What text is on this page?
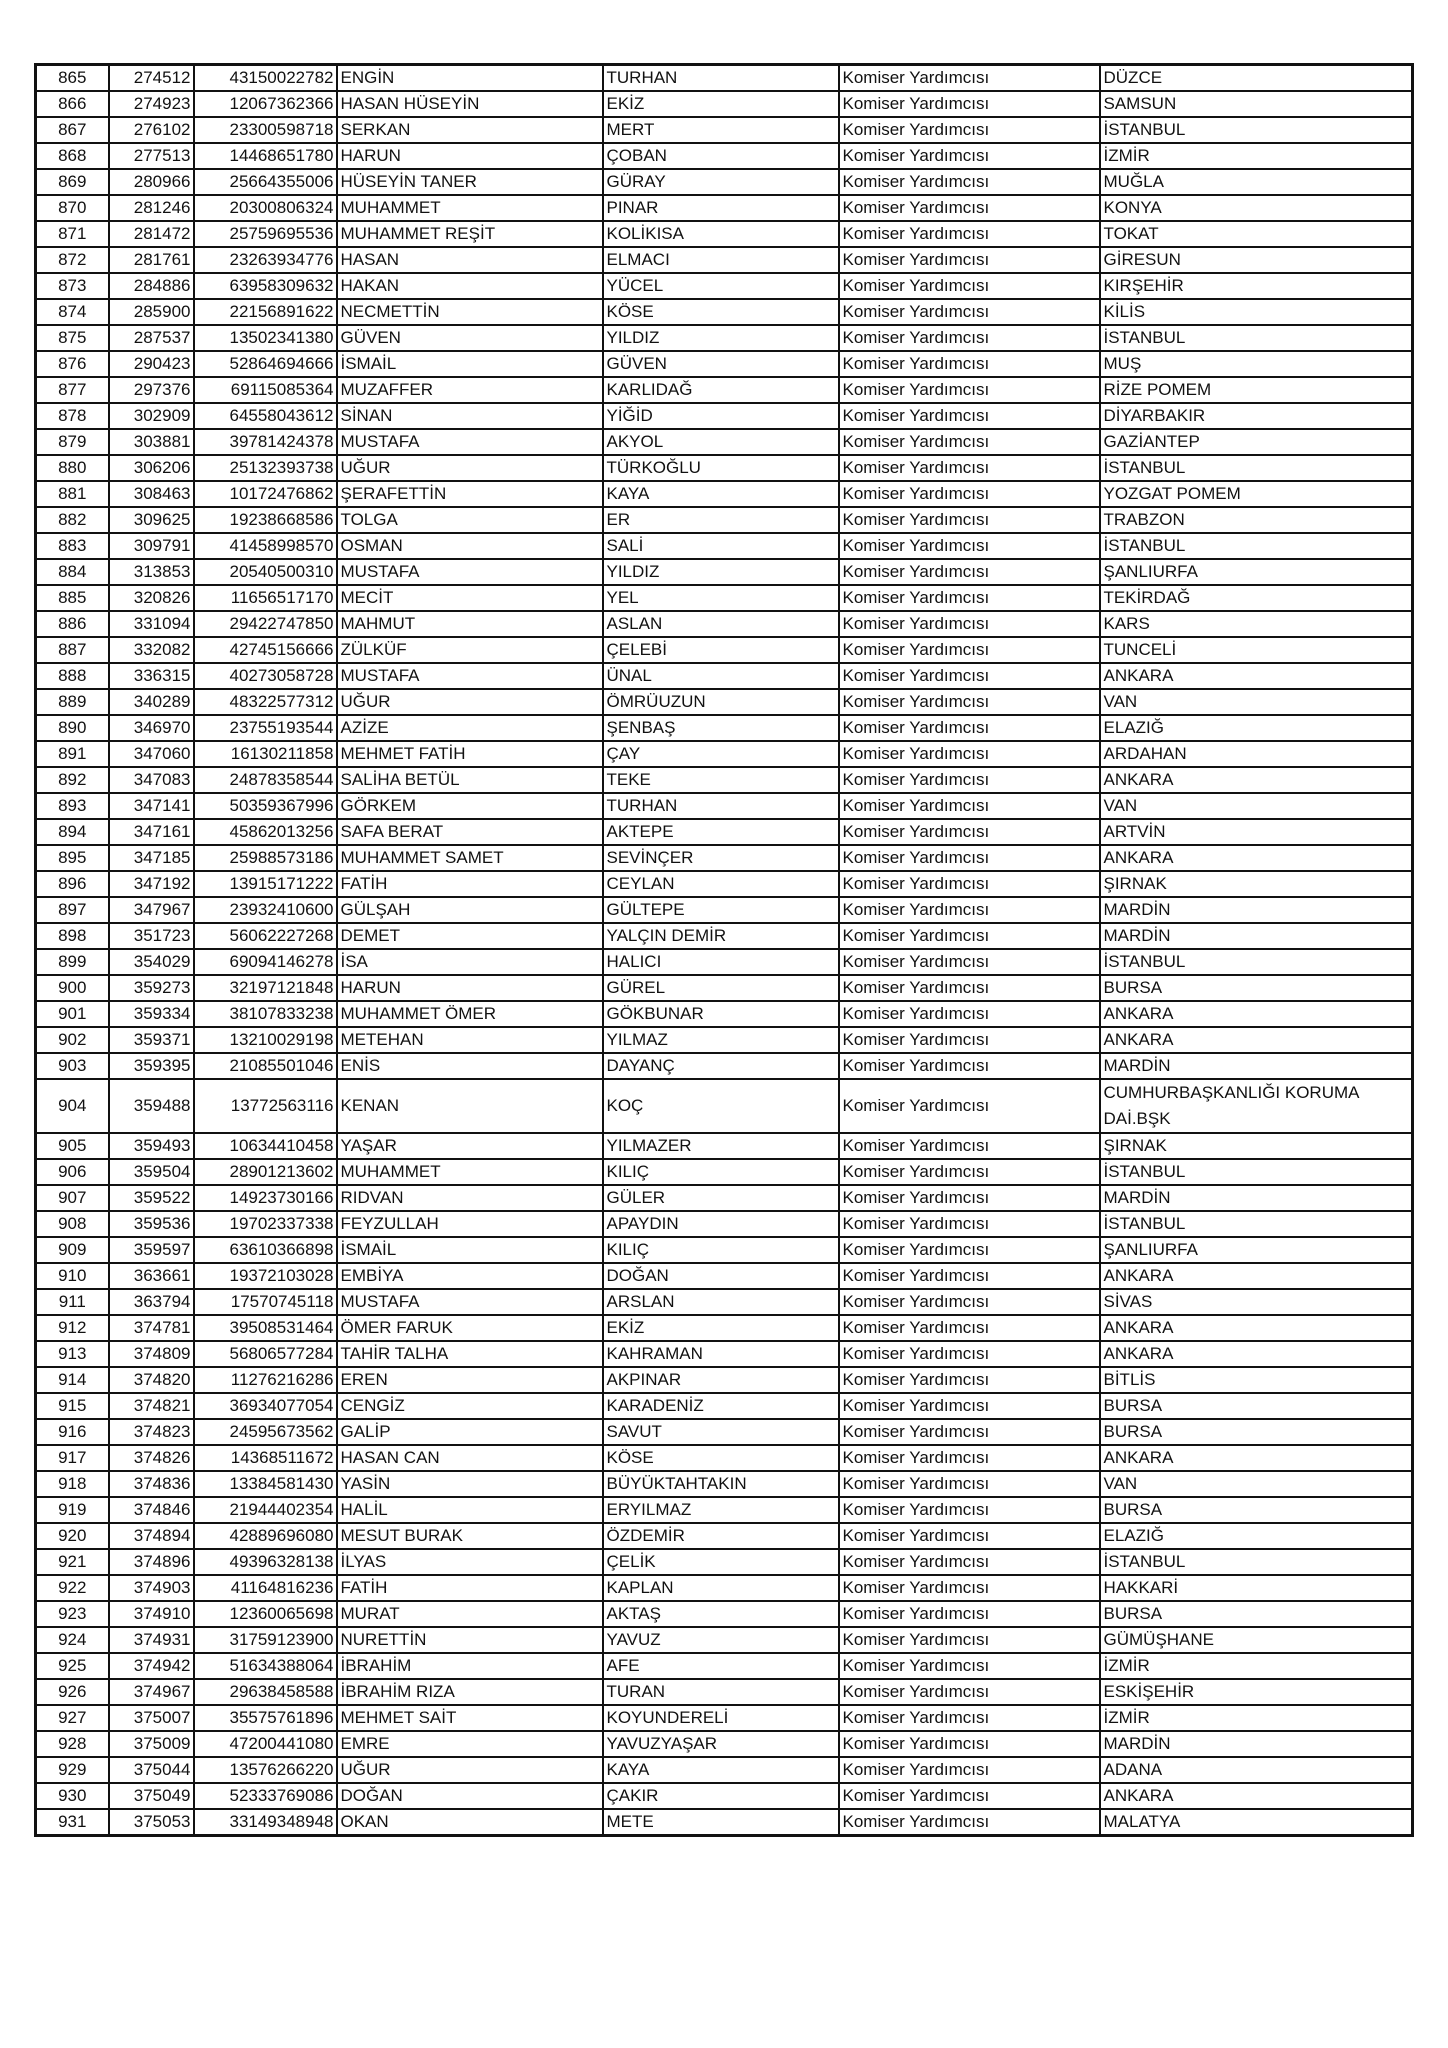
865	274512	43150022782	ENGİN	TURHAN	Komiser Yardımcısı	DÜZCE
866	274923	12067362366	HASAN HÜSEYİN	EKİZ	Komiser Yardımcısı	SAMSUN
867	276102	23300598718	SERKAN	MERT	Komiser Yardımcısı	İSTANBUL
868	277513	14468651780	HARUN	ÇOBAN	Komiser Yardımcısı	İZMİR
869	280966	25664355006	HÜSEYİN TANER	GÜRAY	Komiser Yardımcısı	MUĞLA
870	281246	20300806324	MUHAMMET	PINAR	Komiser Yardımcısı	KONYA
871	281472	25759695536	MUHAMMET REŞİT	KOLİKISA	Komiser Yardımcısı	TOKAT
872	281761	23263934776	HASAN	ELMACI	Komiser Yardımcısı	GİRESUN
873	284886	63958309632	HAKAN	YÜCEL	Komiser Yardımcısı	KIRŞEHİR
874	285900	22156891622	NECMETTİN	KÖSE	Komiser Yardımcısı	KİLİS
875	287537	13502341380	GÜVEN	YILDIZ	Komiser Yardımcısı	İSTANBUL
876	290423	52864694666	İSMAİL	GÜVEN	Komiser Yardımcısı	MUŞ
877	297376	69115085364	MUZAFFER	KARLIDAĞ	Komiser Yardımcısı	RİZE POMEM
878	302909	64558043612	SİNAN	YİĞİD	Komiser Yardımcısı	DİYARBAKIR
879	303881	39781424378	MUSTAFA	AKYOL	Komiser Yardımcısı	GAZİANTEP
880	306206	25132393738	UĞUR	TÜRKOĞLU	Komiser Yardımcısı	İSTANBUL
881	308463	10172476862	ŞERAFETTİN	KAYA	Komiser Yardımcısı	YOZGAT POMEM
882	309625	19238668586	TOLGA	ER	Komiser Yardımcısı	TRABZON
883	309791	41458998570	OSMAN	SALİ	Komiser Yardımcısı	İSTANBUL
884	313853	20540500310	MUSTAFA	YILDIZ	Komiser Yardımcısı	ŞANLIURFA
885	320826	11656517170	MECİT	YEL	Komiser Yardımcısı	TEKİRDAĞ
886	331094	29422747850	MAHMUT	ASLAN	Komiser Yardımcısı	KARS
887	332082	42745156666	ZÜLKÜF	ÇELEBİ	Komiser Yardımcısı	TUNCELİ
888	336315	40273058728	MUSTAFA	ÜNAL	Komiser Yardımcısı	ANKARA
889	340289	48322577312	UĞUR	ÖMRÜUZUN	Komiser Yardımcısı	VAN
890	346970	23755193544	AZİZE	ŞENBAŞ	Komiser Yardımcısı	ELAZIĞ
891	347060	16130211858	MEHMET FATİH	ÇAY	Komiser Yardımcısı	ARDAHAN
892	347083	24878358544	SALİHA BETÜL	TEKE	Komiser Yardımcısı	ANKARA
893	347141	50359367996	GÖRKEM	TURHAN	Komiser Yardımcısı	VAN
894	347161	45862013256	SAFA BERAT	AKTEPE	Komiser Yardımcısı	ARTVİN
895	347185	25988573186	MUHAMMET SAMET	SEVİNÇER	Komiser Yardımcısı	ANKARA
896	347192	13915171222	FATİH	CEYLAN	Komiser Yardımcısı	ŞIRNAK
897	347967	23932410600	GÜLŞAH	GÜLTEPE	Komiser Yardımcısı	MARDİN
898	351723	56062227268	DEMET	YALÇIN DEMİR	Komiser Yardımcısı	MARDİN
899	354029	69094146278	İSA	HALICI	Komiser Yardımcısı	İSTANBUL
900	359273	32197121848	HARUN	GÜREL	Komiser Yardımcısı	BURSA
901	359334	38107833238	MUHAMMET ÖMER	GÖKBUNAR	Komiser Yardımcısı	ANKARA
902	359371	13210029198	METEHAN	YILMAZ	Komiser Yardımcısı	ANKARA
903	359395	21085501046	ENİS	DAYANÇ	Komiser Yardımcısı	MARDİN
904	359488	13772563116	KENAN	KOÇ	Komiser Yardımcısı	CUMHURBAŞKANLIĞI KORUMA DAİ.BŞK
905	359493	10634410458	YAŞAR	YILMAZER	Komiser Yardımcısı	ŞIRNAK
906	359504	28901213602	MUHAMMET	KILIÇ	Komiser Yardımcısı	İSTANBUL
907	359522	14923730166	RIDVAN	GÜLER	Komiser Yardımcısı	MARDİN
908	359536	19702337338	FEYZULLAH	APAYDIN	Komiser Yardımcısı	İSTANBUL
909	359597	63610366898	İSMAİL	KILIÇ	Komiser Yardımcısı	ŞANLIURFA
910	363661	19372103028	EMBİYA	DOĞAN	Komiser Yardımcısı	ANKARA
911	363794	17570745118	MUSTAFA	ARSLAN	Komiser Yardımcısı	SİVAS
912	374781	39508531464	ÖMER FARUK	EKİZ	Komiser Yardımcısı	ANKARA
913	374809	56806577284	TAHİR TALHA	KAHRAMAN	Komiser Yardımcısı	ANKARA
914	374820	11276216286	EREN	AKPINAR	Komiser Yardımcısı	BİTLİS
915	374821	36934077054	CENGİZ	KARADENİZ	Komiser Yardımcısı	BURSA
916	374823	24595673562	GALİP	SAVUT	Komiser Yardımcısı	BURSA
917	374826	14368511672	HASAN CAN	KÖSE	Komiser Yardımcısı	ANKARA
918	374836	13384581430	YASİN	BÜYÜKTAHTAKIN	Komiser Yardımcısı	VAN
919	374846	21944402354	HALİL	ERYILMAZ	Komiser Yardımcısı	BURSA
920	374894	42889696080	MESUT BURAK	ÖZDEMİR	Komiser Yardımcısı	ELAZIĞ
921	374896	49396328138	İLYAS	ÇELİK	Komiser Yardımcısı	İSTANBUL
922	374903	41164816236	FATİH	KAPLAN	Komiser Yardımcısı	HAKKARİ
923	374910	12360065698	MURAT	AKTAŞ	Komiser Yardımcısı	BURSA
924	374931	31759123900	NURETTİN	YAVUZ	Komiser Yardımcısı	GÜMÜŞHANE
925	374942	51634388064	İBRAHİM	AFE	Komiser Yardımcısı	İZMİR
926	374967	29638458588	İBRAHİM RIZA	TURAN	Komiser Yardımcısı	ESKİŞEHİR
927	375007	35575761896	MEHMET SAİT	KOYUNDERELİ	Komiser Yardımcısı	İZMİR
928	375009	47200441080	EMRE	YAVUZYAŞAR	Komiser Yardımcısı	MARDİN
929	375044	13576266220	UĞUR	KAYA	Komiser Yardımcısı	ADANA
930	375049	52333769086	DOĞAN	ÇAKIR	Komiser Yardımcısı	ANKARA
931	375053	33149348948	OKAN	METE	Komiser Yardımcısı	MALATYA
